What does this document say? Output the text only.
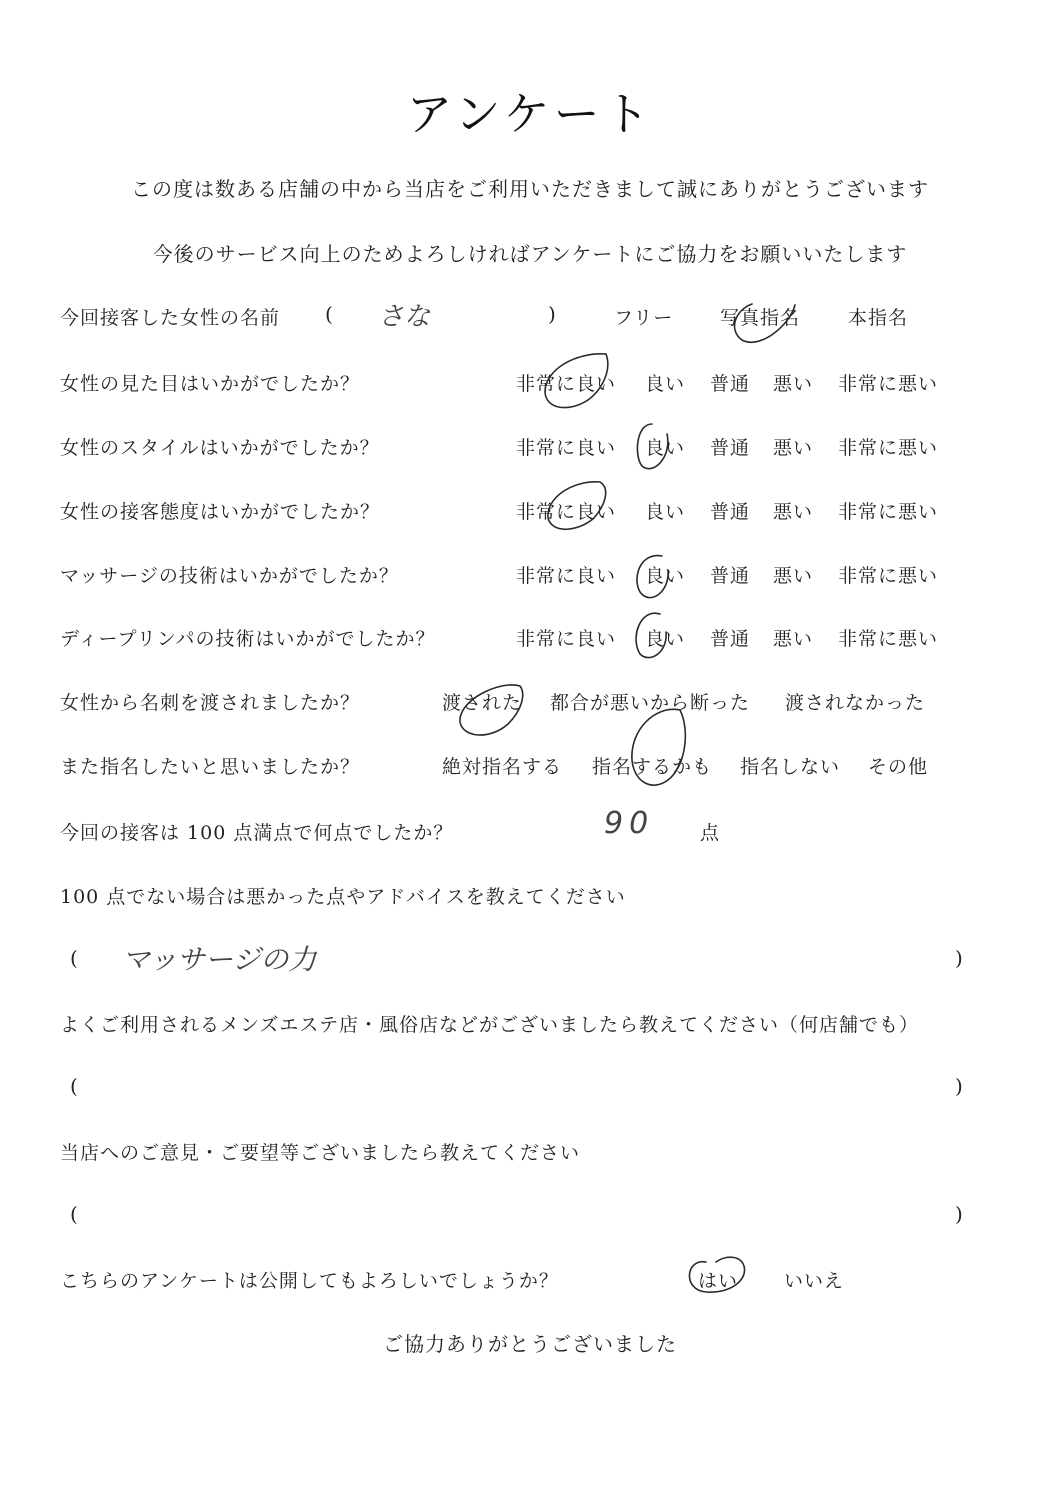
アンケート
この度は数ある店舗の中から当店をご利用いただきまして誠にありがとうございます
今後のサービス向上のためよろしければアンケートにご協力をお願いいたします
今回接客した女性の名前 ( さな	)	フリー 写真指名	本指名
女性の見た目はいかがでしたか？	非常に良い 良い 普通 悪い 非常に悪い
女性のスタイルはいかがでしたか？	非常に良い 良い 普通 悪い 非常に悪い
女性の接客態度はいかがでしたか？	非常に良い 良い 普通 悪い 非常に悪い
マッサージの技術はいかがでしたか？	非常に良い 良い 普通 悪い 非常に悪い
ディープリンパの技術はいかがでしたか？	非常に良い 良い 普通 悪い 非常に悪い
女性から名刺を渡されましたか？	渡された 都合が悪いから断った 渡されなかった
また指名したいと思いましたか？	絶対指名する 指名するかも 指名しない その他
今回の接客は 100 点満点で何点でしたか？	90 点
100 点でない場合は悪かった点やアドバイスを教えてください
( マッサージの力	)
よくご利用されるメンズエステ店・風俗店などがございましたら教えてください（何店舗でも）
(	)
当店へのご意見・ご要望等ございましたら教えてください
(	)
こちらのアンケートは公開してもよろしいでしょうか？	はい いいえ
ご協力ありがとうございました
